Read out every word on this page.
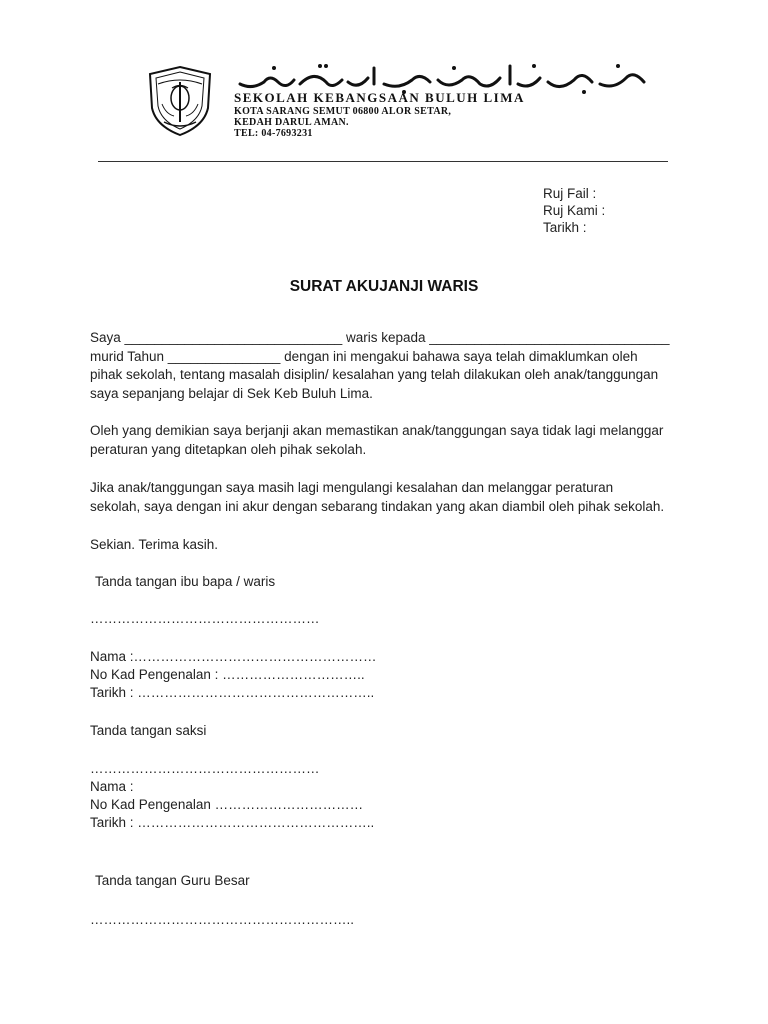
SEKOLAH KEBANGSAAN BULUH LIMA
KOTA SARANG SEMUT 06800 ALOR SETAR,
KEDAH DARUL AMAN.
TEL: 04-7693231
Ruj Fail :
Ruj Kami :
Tarikh :
SURAT AKUJANJI WARIS
Saya _____________________________ waris kepada ________________________________
murid Tahun _______________ dengan ini mengakui bahawa saya telah dimaklumkan oleh
pihak sekolah, tentang masalah disiplin/ kesalahan yang telah dilakukan oleh anak/tanggungan
saya sepanjang belajar di Sek Keb Buluh Lima.
Oleh yang demikian saya berjanji akan memastikan anak/tanggungan saya tidak lagi melanggar
peraturan yang ditetapkan oleh pihak sekolah.
Jika anak/tanggungan saya masih lagi mengulangi kesalahan dan melanggar peraturan
sekolah, saya dengan ini akur dengan sebarang tindakan yang akan diambil oleh pihak sekolah.
Sekian. Terima kasih.
Tanda tangan ibu bapa / waris
……………………………………………
Nama :………………………………………………
No Kad Pengenalan : …………………………..
Tarikh : ……………………………………………..
Tanda tangan saksi
……………………………………………
Nama :
No Kad Pengenalan ……………………………
Tarikh : ……………………………………………..
Tanda tangan Guru Besar
…………………………………………………..
